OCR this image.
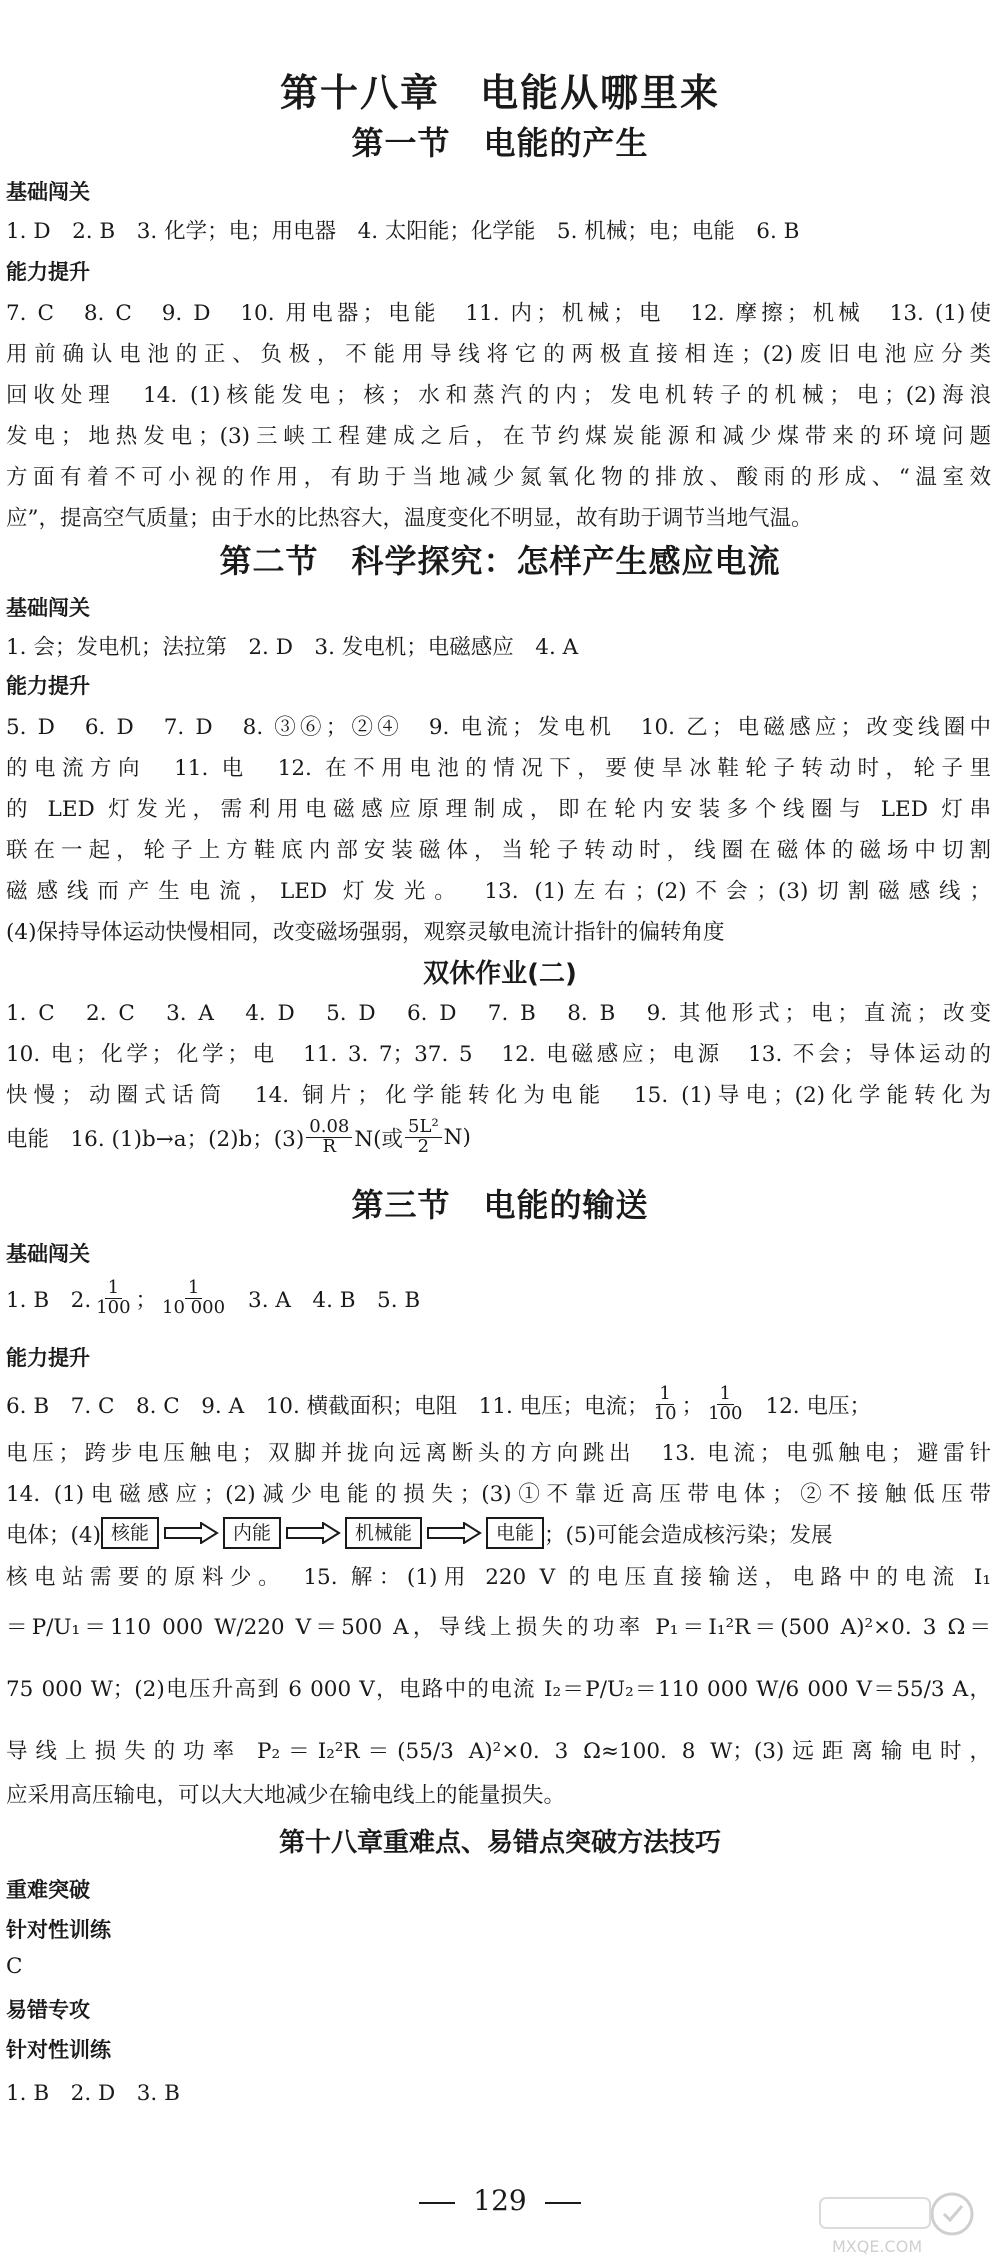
第十八章　电能从哪里来
第一节　电能的产生
基础闯关
1. D　2. B　3. 化学；电；用电器　4. 太阳能；化学能　5. 机械；电；电能　6. B
能力提升
7. C　8. C　9. D　10. 用电器；电能　11. 内；机械；电　12. 摩擦；机械　13. (1)使
用前确认电池的正、负极，不能用导线将它的两极直接相连；(2)废旧电池应分类
回收处理　14. (1)核能发电；核；水和蒸汽的内；发电机转子的机械；电；(2)海浪
发电；地热发电；(3)三峡工程建成之后，在节约煤炭能源和减少煤带来的环境问题
方面有着不可小视的作用，有助于当地减少氮氧化物的排放、酸雨的形成、“温室效
应”，提高空气质量；由于水的比热容大，温度变化不明显，故有助于调节当地气温。
第二节　科学探究：怎样产生感应电流
基础闯关
1. 会；发电机；法拉第　2. D　3. 发电机；电磁感应　4. A
能力提升
5. D　6. D　7. D　8. ③⑥；②④　9. 电流；发电机　10. 乙；电磁感应；改变线圈中
的电流方向　11. 电　12. 在不用电池的情况下，要使旱冰鞋轮子转动时，轮子里
的 LED 灯发光，需利用电磁感应原理制成，即在轮内安装多个线圈与 LED 灯串
联在一起，轮子上方鞋底内部安装磁体，当轮子转动时，线圈在磁体的磁场中切割
磁感线而产生电流，LED 灯发光。　13. (1)左右；(2)不会；(3)切割磁感线；
(4)保持导体运动快慢相同，改变磁场强弱，观察灵敏电流计指针的偏转角度
双休作业(二)
1. C　2. C　3. A　4. D　5. D　6. D　7. B　8. B　9. 其他形式；电；直流；改变
10. 电；化学；化学；电　11. 3. 7；37. 5　12. 电磁感应；电源　13. 不会；导体运动的
快慢；动圈式话筒　14. 铜片；化学能转化为电能　15. (1)导电；(2)化学能转化为
电能　16. (1)b→a；(2)b；$(3) \frac{0.08}{R} N$(或 $\frac{\text{5L²}}{2} N$)
第三节　电能的输送
基础闯关
1. B　2. $\frac{1}{100}$ ； $\frac{1}{10 000} 3$. A　4. B　5. B
能力提升
6. B　7. C　8. C　9. A　10. 横截面积；电阻　11. 电压；电流； $\frac{1}{10}$ ； $\frac{1}{100} 12$. 电压；
电压；跨步电压触电；双脚并拢向远离断头的方向跳出　13. 电流；电弧触电；避雷针
14. (1)电磁感应；(2)减少电能的损失；(3)①不靠近高压带电体；②不接触低压带
电体；(4) 核能	内能	机械能	电能 ；(5)可能会造成核污染；发展
核电站需要的原料少。　15. 解：(1)用 220 V 的电压直接输送，电路中的电流 I₁
＝P/U₁＝110 000 W/220 V＝500 A，导线上损失的功率 P₁＝I₁²R＝(500 A)²×0. 3 Ω＝
75 000 W；(2)电压升高到 6 000 V，电路中的电流 I₂＝P/U₂＝110 000 W/6 000 V＝55/3 A，
导线上损失的功率 P₂＝I₂²R＝(55/3 A)²×0. 3 Ω≈100. 8 W；(3)远距离输电时，
应采用高压输电，可以大大地减少在输电线上的能量损失。
第十八章重难点、易错点突破方法技巧
重难突破
针对性训练
C
易错专攻
针对性训练
1. B　2. D　3. B
129
MXQE.COM
